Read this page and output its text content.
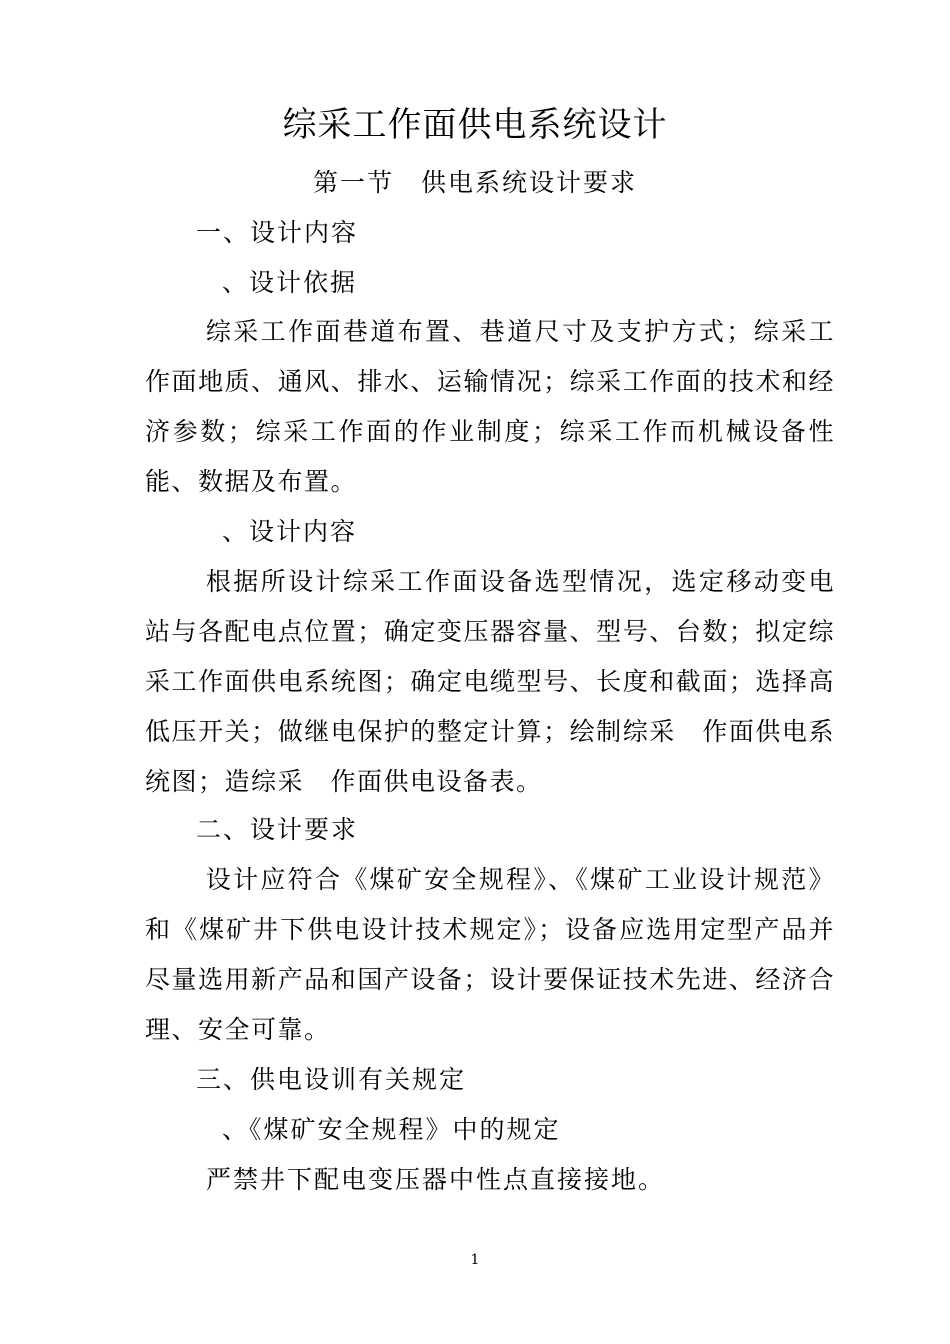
综采工作面供电系统设计
第一节　供电系统设计要求
一、设计内容
、设计依据
综采工作面巷道布置、巷道尺寸及支护方式；综采工作面地质、通风、排水、运输情况；综采工作面的技术和经济参数；综采工作面的作业制度；综采工作而机械设备性能、数据及布置。
、设计内容
根据所设计综采工作面设备选型情况，选定移动变电站与各配电点位置；确定变压器容量、型号、台数；拟定综采工作面供电系统图；确定电缆型号、长度和截面；选择高低压开关；做继电保护的整定计算；绘制综采　作面供电系统图；造综采　作面供电设备表。
二、设计要求
设计应符合《煤矿安全规程》、《煤矿工业设计规范》和《煤矿井下供电设计技术规定》；设备应选用定型产品并尽量选用新产品和国产设备；设计要保证技术先进、经济合理、安全可靠。
三、供电设训有关规定
、《煤矿安全规程》中的规定
严禁井下配电变压器中性点直接接地。
1
